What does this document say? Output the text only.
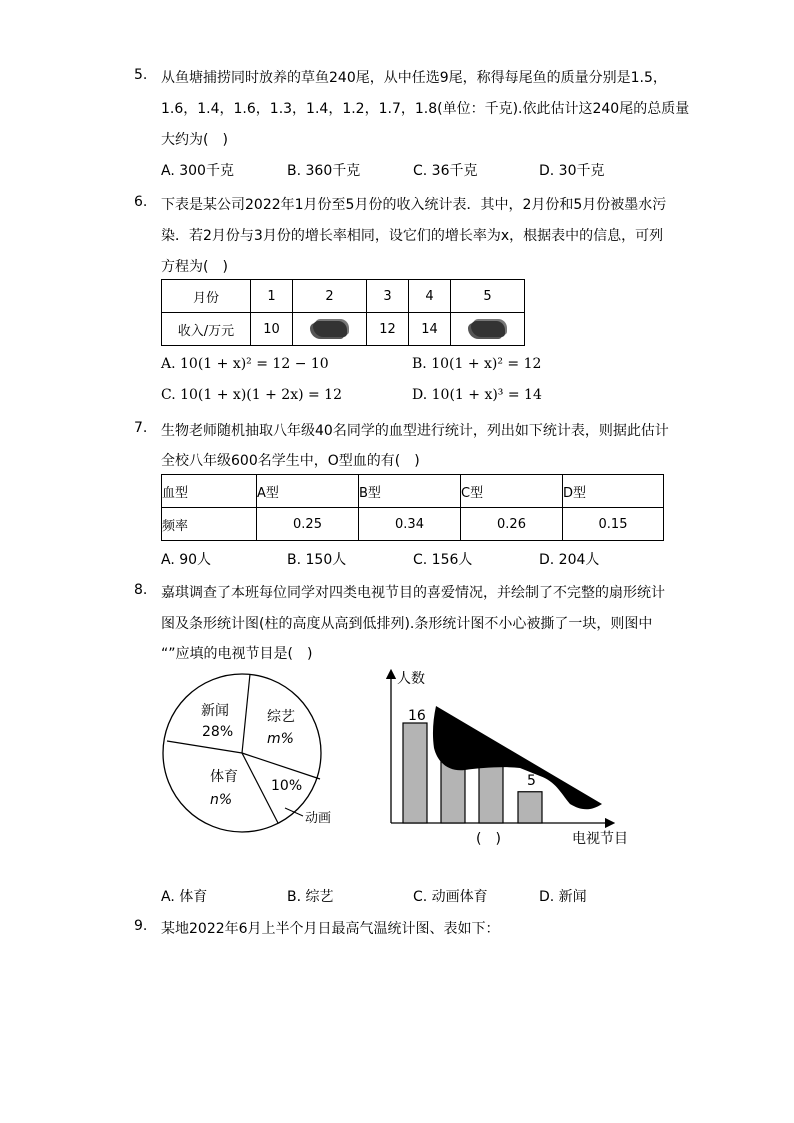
5. 从鱼塘捕捞同时放养的草鱼240尾，从中任选9尾，称得每尾鱼的质量分别是1.5，
1.6，1.4，1.6，1.3，1.4，1.2，1.7，1.8(单位：千克).依此估计这240尾的总质量
大约为(　)
A. 300千克	B. 360千克	C. 36千克	D. 30千克
6. 下表是某公司2022年1月份至5月份的收入统计表．其中，2月份和5月份被墨水污
染．若2月份与3月份的增长率相同，设它们的增长率为x，根据表中的信息，可列
方程为(　)
月份	1	2	3	4	5
收入/万元	10		12	14	
A. 10(1 + x)² = 12 − 10	B. 10(1 + x)² = 12
C. 10(1 + x)(1 + 2x) = 12	D. 10(1 + x)³ = 14
7. 生物老师随机抽取八年级40名同学的血型进行统计，列出如下统计表，则据此估计
全校八年级600名学生中，O型血的有(　)
血型	A型	B型	C型	D型
频率	0.25	0.34	0.26	0.15
A. 90人	B. 150人	C. 156人	D. 204人
8. 嘉琪调查了本班每位同学对四类电视节目的喜爱情况，并绘制了不完整的扇形统计
图及条形统计图(柱的高度从高到低排列).条形统计图不小心被撕了一块，则图中
“”应填的电视节目是(　)
新闻
28%
综艺
m%
体育
n%
10%
动画
人数
16
5
(　)	电视节目
A. 体育	B. 综艺	C. 动画体育	D. 新闻
9. 某地2022年6月上半个月日最高气温统计图、表如下：
